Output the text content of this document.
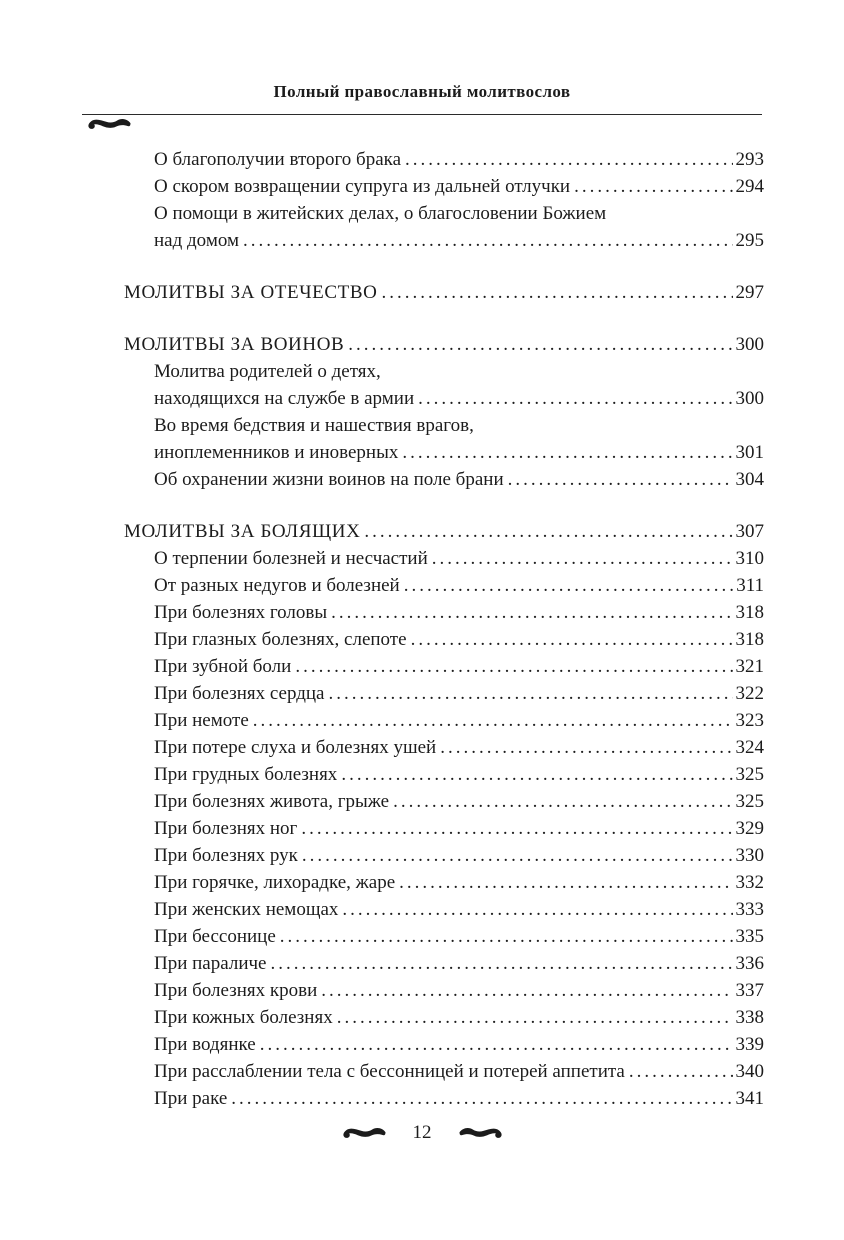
Полный православный молитвослов
О благополучии второго брака .....	293
О скором возвращении супруга из дальней отлучки .....	294
О помощи в житейских делах, о благословении Божием
над домом .....	295
МОЛИТВЫ ЗА ОТЕЧЕСТВО .....	297
МОЛИТВЫ ЗА ВОИНОВ .....	300
Молитва родителей о детях,
находящихся на службе в армии .....	300
Во время бедствия и нашествия врагов,
иноплеменников и иноверных .....	301
Об охранении жизни воинов на поле брани .....	304
МОЛИТВЫ ЗА БОЛЯЩИХ .....	307
О терпении болезней и несчастий .....	310
От разных недугов и болезней .....	311
При болезнях головы .....	318
При глазных болезнях, слепоте .....	318
При зубной боли .....	321
При болезнях сердца .....	322
При немоте .....	323
При потере слуха и болезнях ушей .....	324
При грудных болезнях .....	325
При болезнях живота, грыже .....	325
При болезнях ног .....	329
При болезнях рук .....	330
При горячке, лихорадке, жаре .....	332
При женских немощах .....	333
При бессонице .....	335
При параличе .....	336
При болезнях крови .....	337
При кожных болезнях .....	338
При водянке .....	339
При расслаблении тела с бессонницей и потерей аппетита .....	340
При раке .....	341
12
